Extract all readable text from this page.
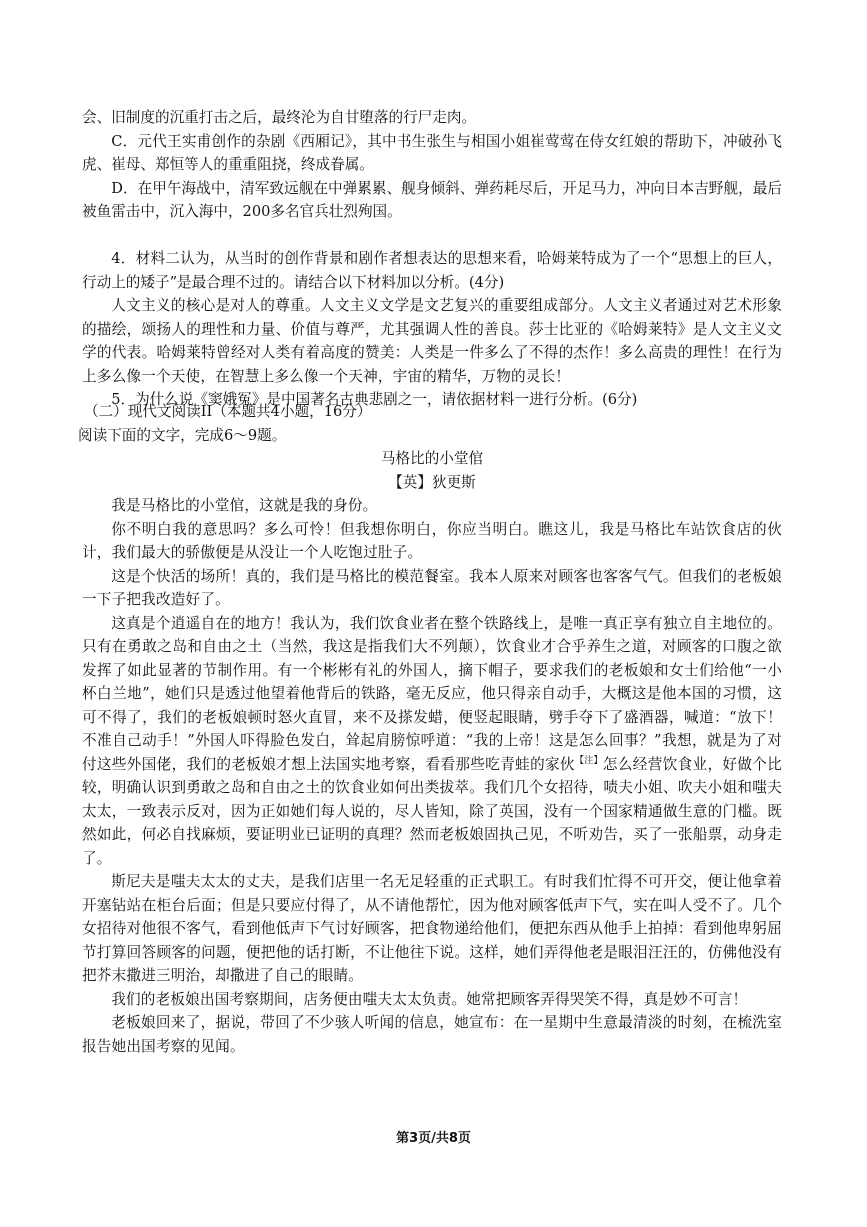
会、旧制度的沉重打击之后，最终沦为自甘堕落的行尸走肉。

C．元代王实甫创作的杂剧《西厢记》，其中书生张生与相国小姐崔莺莺在侍女红娘的帮助下，冲破孙飞虎、崔母、郑恒等人的重重阻挠，终成眷属。

D．在甲午海战中，清军致远舰在中弹累累、舰身倾斜、弹药耗尽后，开足马力，冲向日本吉野舰，最后被鱼雷击中，沉入海中，200多名官兵壮烈殉国。

4．材料二认为，从当时的创作背景和剧作者想表达的思想来看，哈姆莱特成为了一个“思想上的巨人，行动上的矮子”是最合理不过的。请结合以下材料加以分析。(4分)

人文主义的核心是对人的尊重。人文主义文学是文艺复兴的重要组成部分。人文主义者通过对艺术形象的描绘，颂扬人的理性和力量、价值与尊严，尤其强调人性的善良。莎士比亚的《哈姆莱特》是人文主义文学的代表。哈姆莱特曾经对人类有着高度的赞美：人类是一件多么了不得的杰作！多么高贵的理性！在行为上多么像一个天使，在智慧上多么像一个天神，宇宙的精华，万物的灵长！

5．为什么说《窦娥冤》是中国著名古典悲剧之一，请依据材料一进行分析。(6分)

（二）现代文阅读II（本题共4小题，16分）

阅读下面的文字，完成6～9题。

马格比的小堂倌

【英】狄更斯

我是马格比的小堂倌，这就是我的身份。

你不明白我的意思吗？多么可怜！但我想你明白，你应当明白。瞧这儿，我是马格比车站饮食店的伙计，我们最大的骄傲便是从没让一个人吃饱过肚子。

这是个快活的场所！真的，我们是马格比的模范餐室。我本人原来对顾客也客客气气。但我们的老板娘一下子把我改造好了。

这真是个逍遥自在的地方！我认为，我们饮食业者在整个铁路线上，是唯一真正享有独立自主地位的。只有在勇敢之岛和自由之土（当然，我这是指我们大不列颠），饮食业才合乎养生之道，对顾客的口腹之欲发挥了如此显著的节制作用。有一个彬彬有礼的外国人，摘下帽子，要求我们的老板娘和女士们给他“一小杯白兰地”，她们只是透过他望着他背后的铁路，毫无反应，他只得亲自动手，大概这是他本国的习惯，这可不得了，我们的老板娘顿时怒火直冒，来不及搽发蜡，便竖起眼睛，劈手夺下了盛酒器，喊道：“放下！不准自己动手！”外国人吓得脸色发白，耸起肩膀惊呼道：“我的上帝！这是怎么回事？”我想，就是为了对付这些外国佬，我们的老板娘才想上法国实地考察，看看那些吃青蛙的家伙$^{【注】}$怎么经营饮食业，好做个比较，明确认识到勇敢之岛和自由之土的饮食业如何出类拔萃。我们几个女招待，啧夫小姐、吹夫小姐和嗤夫太太，一致表示反对，因为正如她们每人说的，尽人皆知，除了英国，没有一个国家精通做生意的门槛。既然如此，何必自找麻烦，要证明业已证明的真理？然而老板娘固执己见，不听劝告，买了一张船票，动身走了。

斯尼夫是嗤夫太太的丈夫，是我们店里一名无足轻重的正式职工。有时我们忙得不可开交，便让他拿着开塞钻站在柜台后面；但是只要应付得了，从不请他帮忙，因为他对顾客低声下气，实在叫人受不了。几个女招待对他很不客气，看到他低声下气讨好顾客，把食物递给他们，便把东西从他手上拍掉：看到他卑躬屈节打算回答顾客的问题，便把他的话打断，不让他往下说。这样，她们弄得他老是眼泪汪汪的，仿佛他没有把芥末撒进三明治，却撒进了自己的眼睛。

我们的老板娘出国考察期间，店务便由嗤夫太太负责。她常把顾客弄得哭笑不得，真是妙不可言！

老板娘回来了，据说，带回了不少骇人听闻的信息，她宣布：在一星期中生意最清淡的时刻，在梳洗室报告她出国考察的见闻。

第3页/共8页
